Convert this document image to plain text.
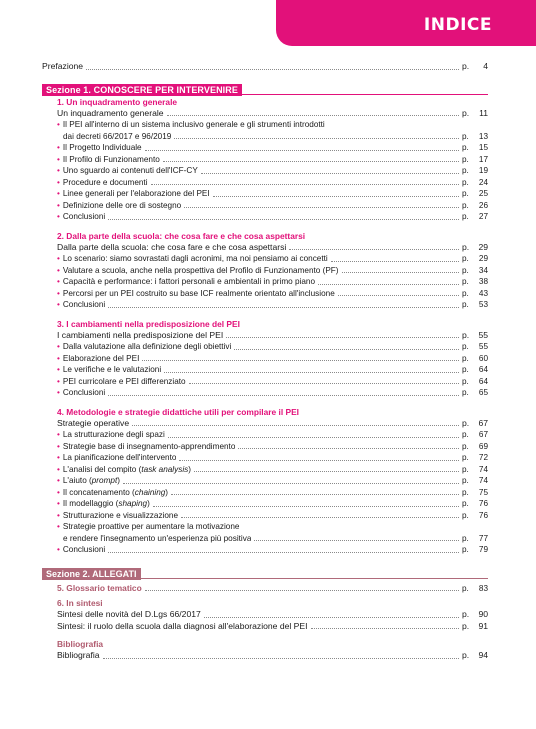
INDICE
Prefazione	p. 4
Sezione 1. CONOSCERE PER INTERVENIRE
1. Un inquadramento generale
Un inquadramento generale	p. 11
• Il PEI all'interno di un sistema inclusivo generale e gli strumenti introdotti
dai decreti 66/2017 e 96/2019	p. 13
• Il Progetto Individuale	p. 15
• Il Profilo di Funzionamento	p. 17
• Uno sguardo ai contenuti dell'ICF-CY	p. 19
• Procedure e documenti	p. 24
• Linee generali per l'elaborazione del PEI	p. 25
• Definizione delle ore di sostegno	p. 26
• Conclusioni	p. 27
2. Dalla parte della scuola: che cosa fare e che cosa aspettarsi
Dalla parte della scuola: che cosa fare e che cosa aspettarsi	p. 29
• Lo scenario: siamo sovrastati dagli acronimi, ma noi pensiamo ai concetti	p. 29
• Valutare a scuola, anche nella prospettiva del Profilo di Funzionamento (PF)	p. 34
• Capacità e performance: i fattori personali e ambientali in primo piano	p. 38
• Percorsi per un PEI costruito su base ICF realmente orientato all'inclusione	p. 43
• Conclusioni	p. 53
3. I cambiamenti nella predisposizione del PEI
I cambiamenti nella predisposizione del PEI	p. 55
• Dalla valutazione alla definizione degli obiettivi	p. 55
• Elaborazione del PEI	p. 60
• Le verifiche e le valutazioni	p. 64
• PEI curricolare e PEI differenziato	p. 64
• Conclusioni	p. 65
4. Metodologie e strategie didattiche utili per compilare il PEI
Strategie operative	p. 67
• La strutturazione degli spazi	p. 67
• Strategie base di insegnamento-apprendimento	p. 69
• La pianificazione dell'intervento	p. 72
• L'analisi del compito (task analysis)	p. 74
• L'aiuto (prompt)	p. 74
• Il concatenamento (chaining)	p. 75
• Il modellaggio (shaping)	p. 76
• Strutturazione e visualizzazione	p. 76
• Strategie proattive per aumentare la motivazione
e rendere l'insegnamento un'esperienza più positiva	p. 77
• Conclusioni	p. 79
Sezione 2. ALLEGATI
5. Glossario tematico	p. 83
6. In sintesi
Sintesi delle novità del D.Lgs 66/2017	p. 90
Sintesi: il ruolo della scuola dalla diagnosi all'elaborazione del PEI	p. 91
Bibliografia
Bibliografia	p. 94
